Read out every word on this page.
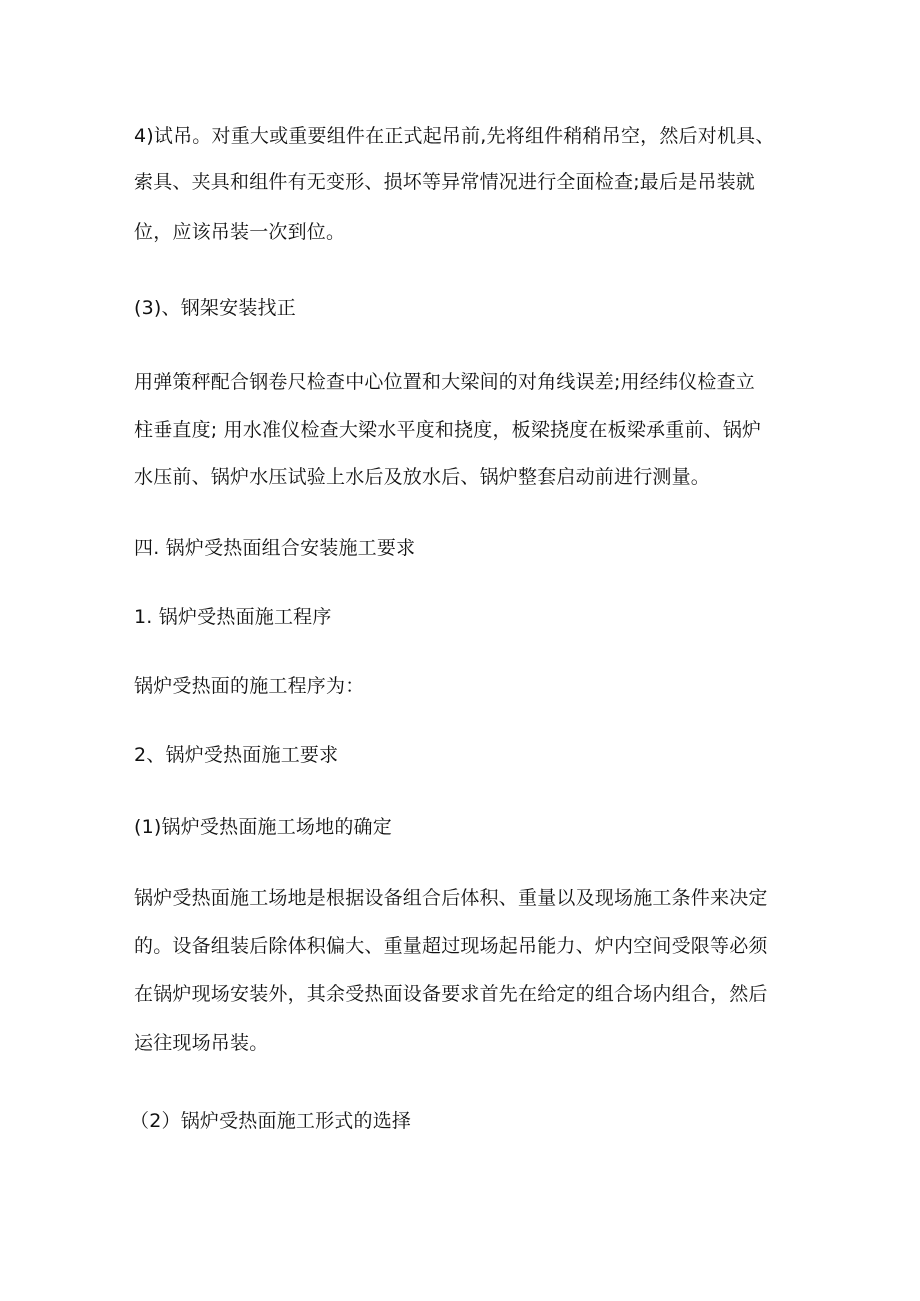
4)试吊。对重大或重要组件在正式起吊前,先将组件稍稍吊空，然后对机具、

索具、夹具和组件有无变形、损坏等异常情况进行全面检查;最后是吊装就

位，应该吊装一次到位。

(3)、钢架安装找正

用弹策秤配合钢卷尺检查中心位置和大梁间的对角线误差;用经纬仪检查立

柱垂直度; 用水准仪检查大梁水平度和挠度，板梁挠度在板梁承重前、锅炉

水压前、锅炉水压试验上水后及放水后、锅炉整套启动前进行测量。

四. 锅炉受热面组合安装施工要求

1. 锅炉受热面施工程序

锅炉受热面的施工程序为：

2、锅炉受热面施工要求

(1)锅炉受热面施工场地的确定

锅炉受热面施工场地是根据设备组合后体积、重量以及现场施工条件来决定

的。设备组装后除体积偏大、重量超过现场起吊能力、炉内空间受限等必须

在锅炉现场安装外，其余受热面设备要求首先在给定的组合场内组合，然后

运往现场吊装。

（2）锅炉受热面施工形式的选择
